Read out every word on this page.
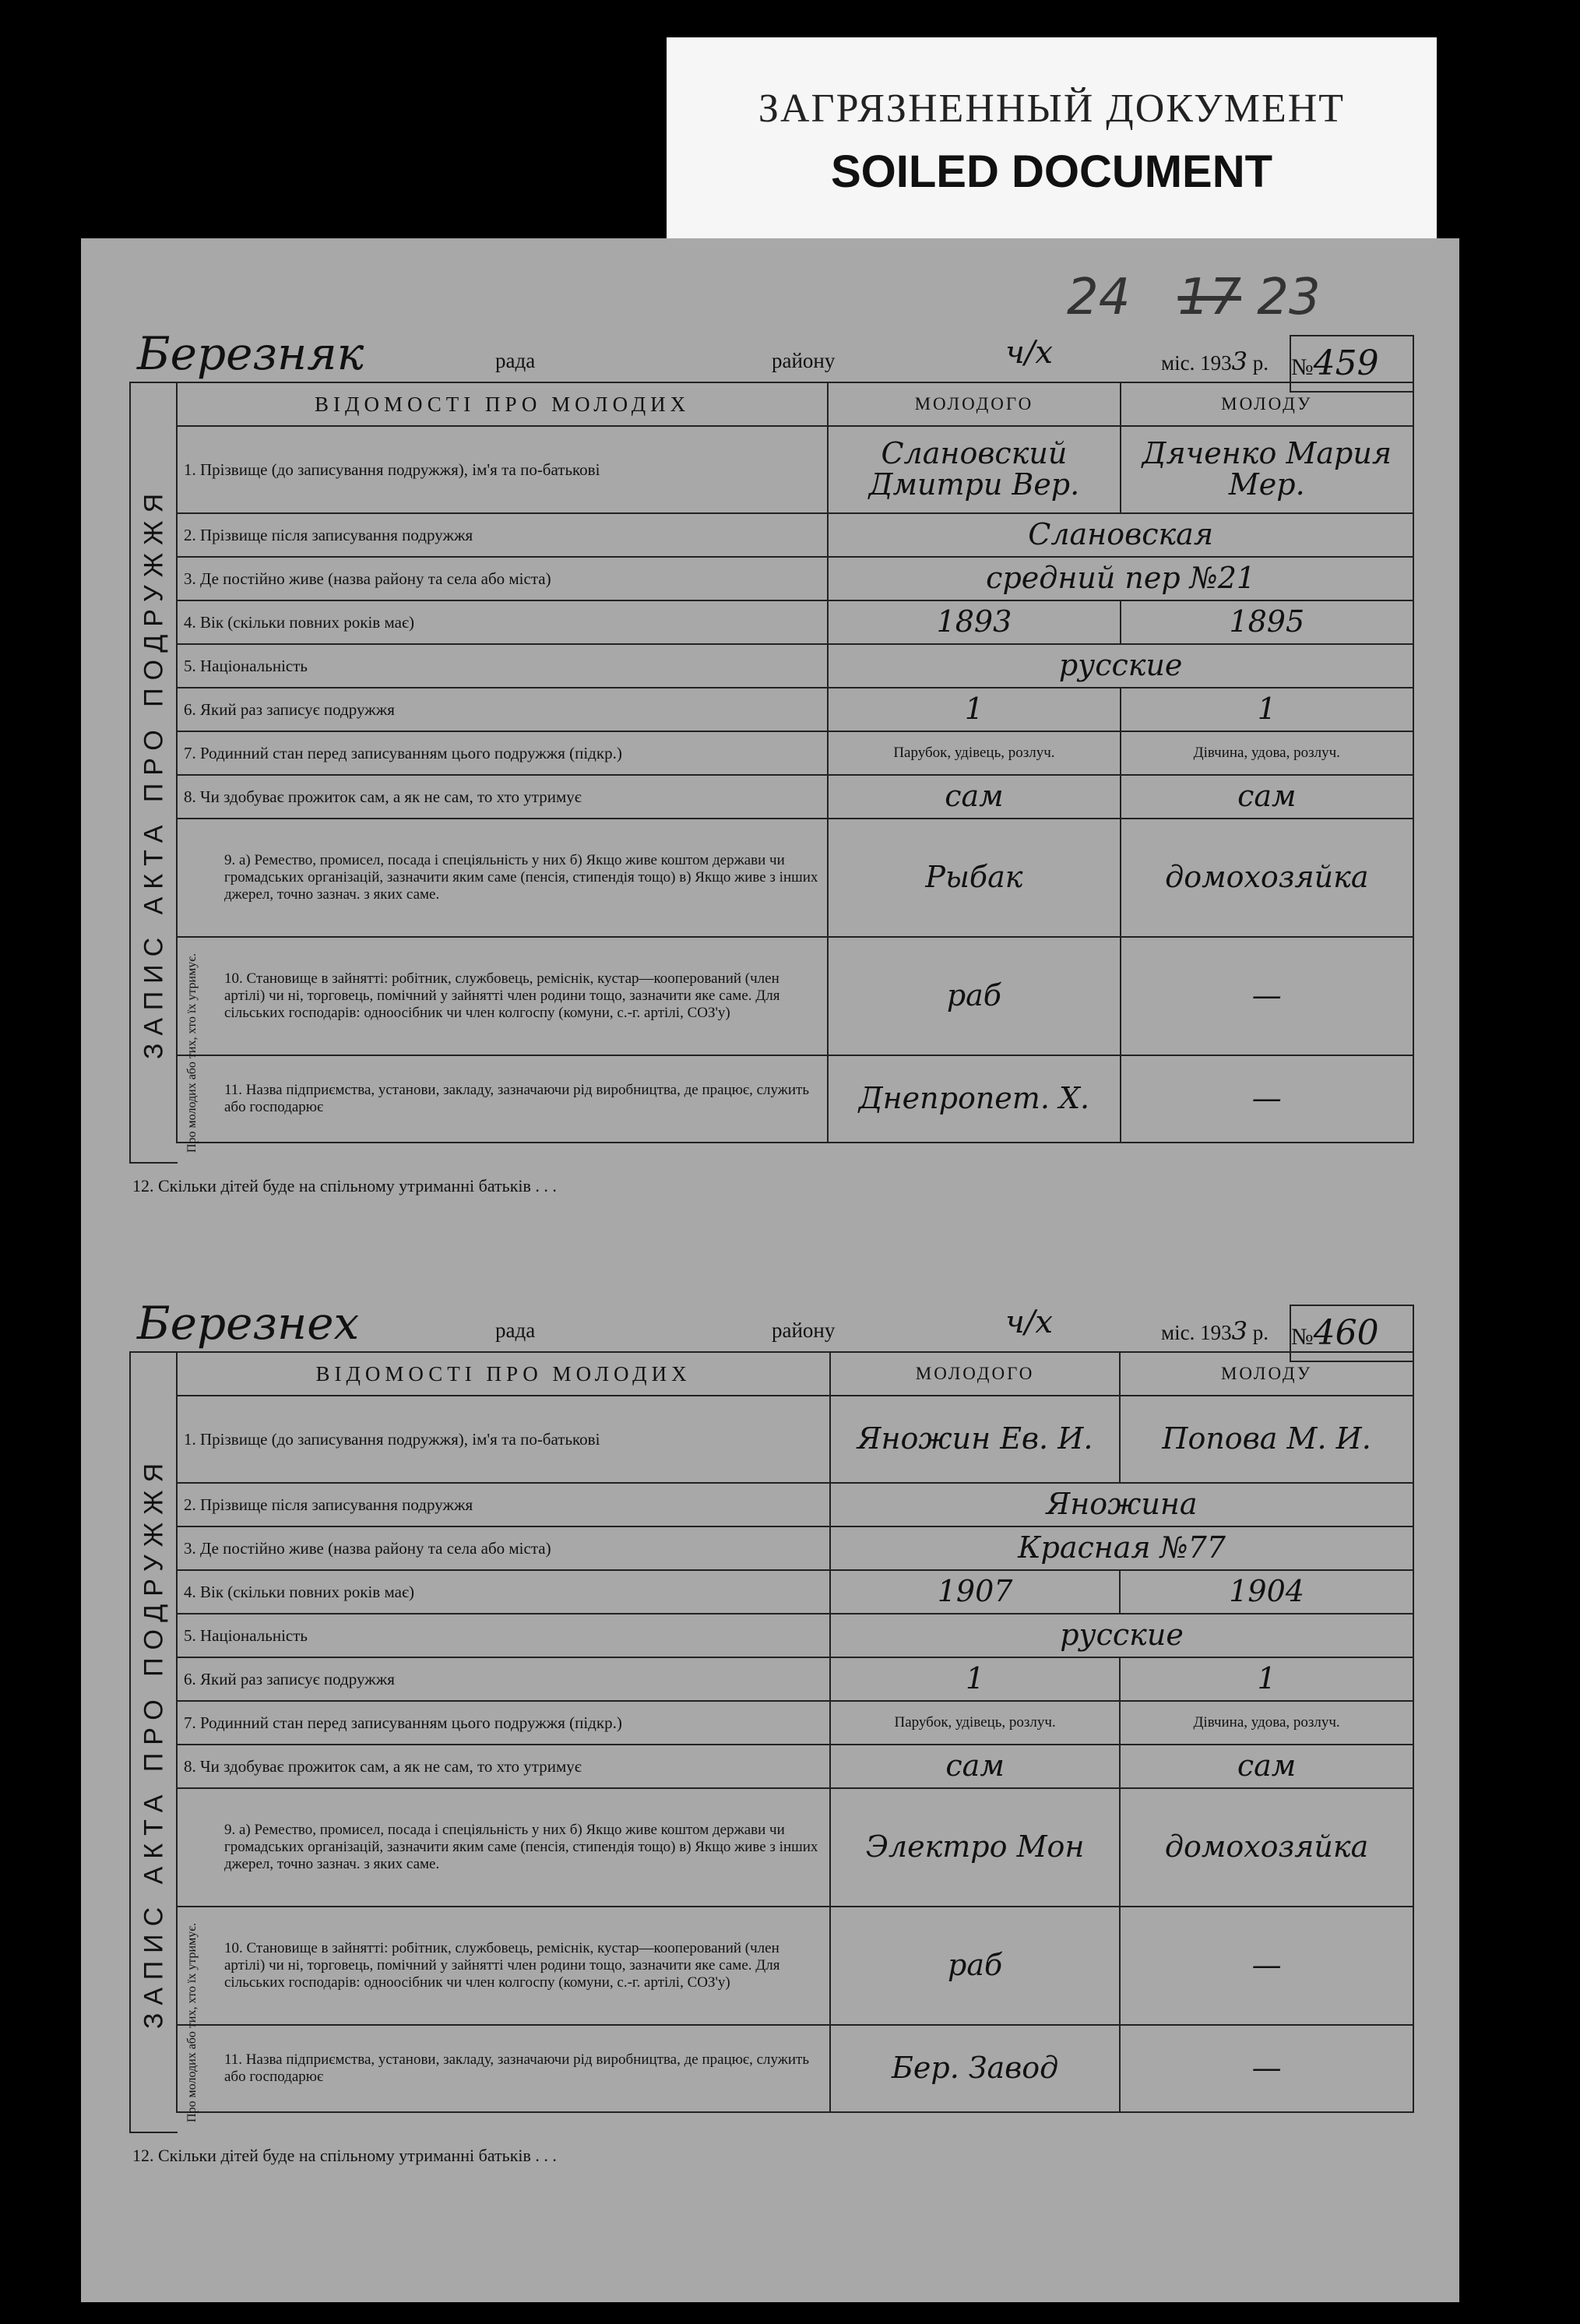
ЗАГРЯЗНЕННЫЙ ДОКУМЕНТ
SOILED DOCUMENT
24 17 23
Березняк	рада	району	ч/х	міс. 1933 р. №459
ЗАПИС АКТА ПРО ПОДРУЖЖЯ
ВІДОМОСТІ ПРО МОЛОДИХ	МОЛОДОГО	МОЛОДУ
1. Прізвище (до записування подружжя), ім'я та по-батькові	Слановский Дмитри Вер.	Дяченко Мария Мер.
2. Прізвище після записування подружжя	Слановская	
3. Де постійно живе (назва району та села або міста)	средний пер №21	
4. Вік (скільки повних років має)	1893	1895
5. Національність	русские	
6. Який раз записує подружжя	1	1
7. Родинний стан перед записуванням цього подружжя (підкр.)	Парубок, удівець, розлуч.	Дівчина, удова, розлуч.
8. Чи здобуває прожиток сам, а як не сам, то хто утримує	сам	сам
9. а) Ремество, промисел, посада і спеціяльність у них б) Якщо живе коштом держави чи громадських організацій, зазначити яким саме (пенсія, стипендія тощо) в) Якщо живе з інших джерел, точно зазнач. з яких саме.	Рыбак	домохозяйка
10. Становище в зайнятті: робітник, службовець, реміснік, кустар—кооперований (член артілі) чи ні, торговець, помічний у зайнятті член родини тощо, зазначити яке саме. Для сільських господарів: одноосібник чи член колгоспу (комуни, с.-г. артілі, СОЗ'у)	раб	—
11. Назва підприємства, установи, закладу, зазначаючи рід виробництва, де працює, служить або господарює	Днепропет. Х.	—
Про молодих або тих, хто їх утримує.
12. Скільки дітей буде на спільному утриманні батьків . . .
Березнех	рада	району	ч/х	міс. 1933 р. №460
ЗАПИС АКТА ПРО ПОДРУЖЖЯ
ВІДОМОСТІ ПРО МОЛОДИХ	МОЛОДОГО	МОЛОДУ
1. Прізвище (до записування подружжя), ім'я та по-батькові	Яножин Ев. И.	Попова М. И.
2. Прізвище після записування подружжя	Яножина	
3. Де постійно живе (назва району та села або міста)	Красная №77	
4. Вік (скільки повних років має)	1907	1904
5. Національність	русские	
6. Який раз записує подружжя	1	1
7. Родинний стан перед записуванням цього подружжя (підкр.)	Парубок, удівець, розлуч.	Дівчина, удова, розлуч.
8. Чи здобуває прожиток сам, а як не сам, то хто утримує	сам	сам
9. а) Ремество, промисел, посада і спеціяльність у них б) Якщо живе коштом держави чи громадських організацій, зазначити яким саме (пенсія, стипендія тощо) в) Якщо живе з інших джерел, точно зазнач. з яких саме.	Электро Мон	домохозяйка
10. Становище в зайнятті: робітник, службовець, реміснік, кустар—кооперований (член артілі) чи ні, торговець, помічний у зайнятті член родини тощо, зазначити яке саме. Для сільських господарів: одноосібник чи член колгоспу (комуни, с.-г. артілі, СОЗ'у)	раб	—
11. Назва підприємства, установи, закладу, зазначаючи рід виробництва, де працює, служить або господарює	Бер. Завод	—
Про молодих або тих, хто їх утримує.
12. Скільки дітей буде на спільному утриманні батьків . . .
